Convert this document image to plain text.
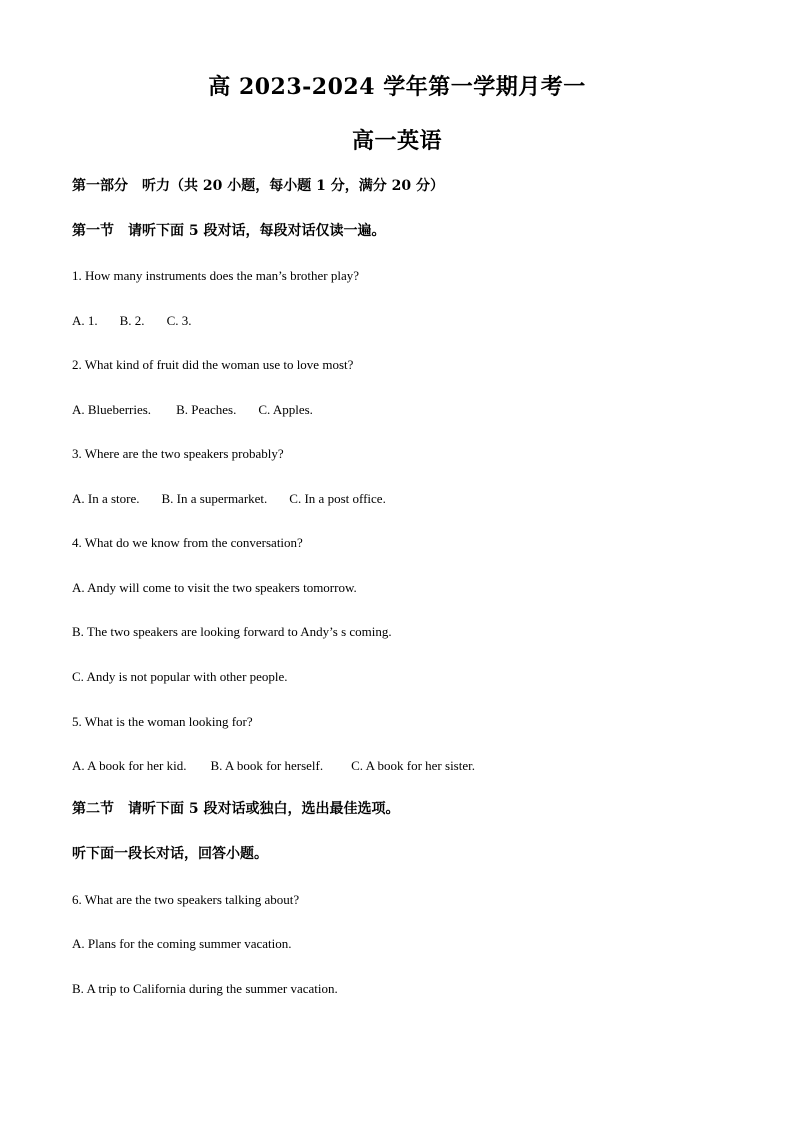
高 2023-2024 学年第一学期月考一
高一英语
第一部分　听力（共 20 小题，每小题 1 分，满分 20 分）
第一节　请听下面 5 段对话，每段对话仅读一遍。
1. How many instruments does the man’s brother play?
A. 1. B. 2. C. 3.
2. What kind of fruit did the woman use to love most?
A. Blueberries. B. Peaches. C. Apples.
3. Where are the two speakers probably?
A. In a store. B. In a supermarket. C. In a post office.
4. What do we know from the conversation?
A. Andy will come to visit the two speakers tomorrow.
B. The two speakers are looking forward to Andy’s s coming.
C. Andy is not popular with other people.
5. What is the woman looking for?
A. A book for her kid. B. A book for herself. C. A book for her sister.
第二节　请听下面 5 段对话或独白，选出最佳选项。
听下面一段长对话，回答小题。
6. What are the two speakers talking about?
A. Plans for the coming summer vacation.
B. A trip to California during the summer vacation.
